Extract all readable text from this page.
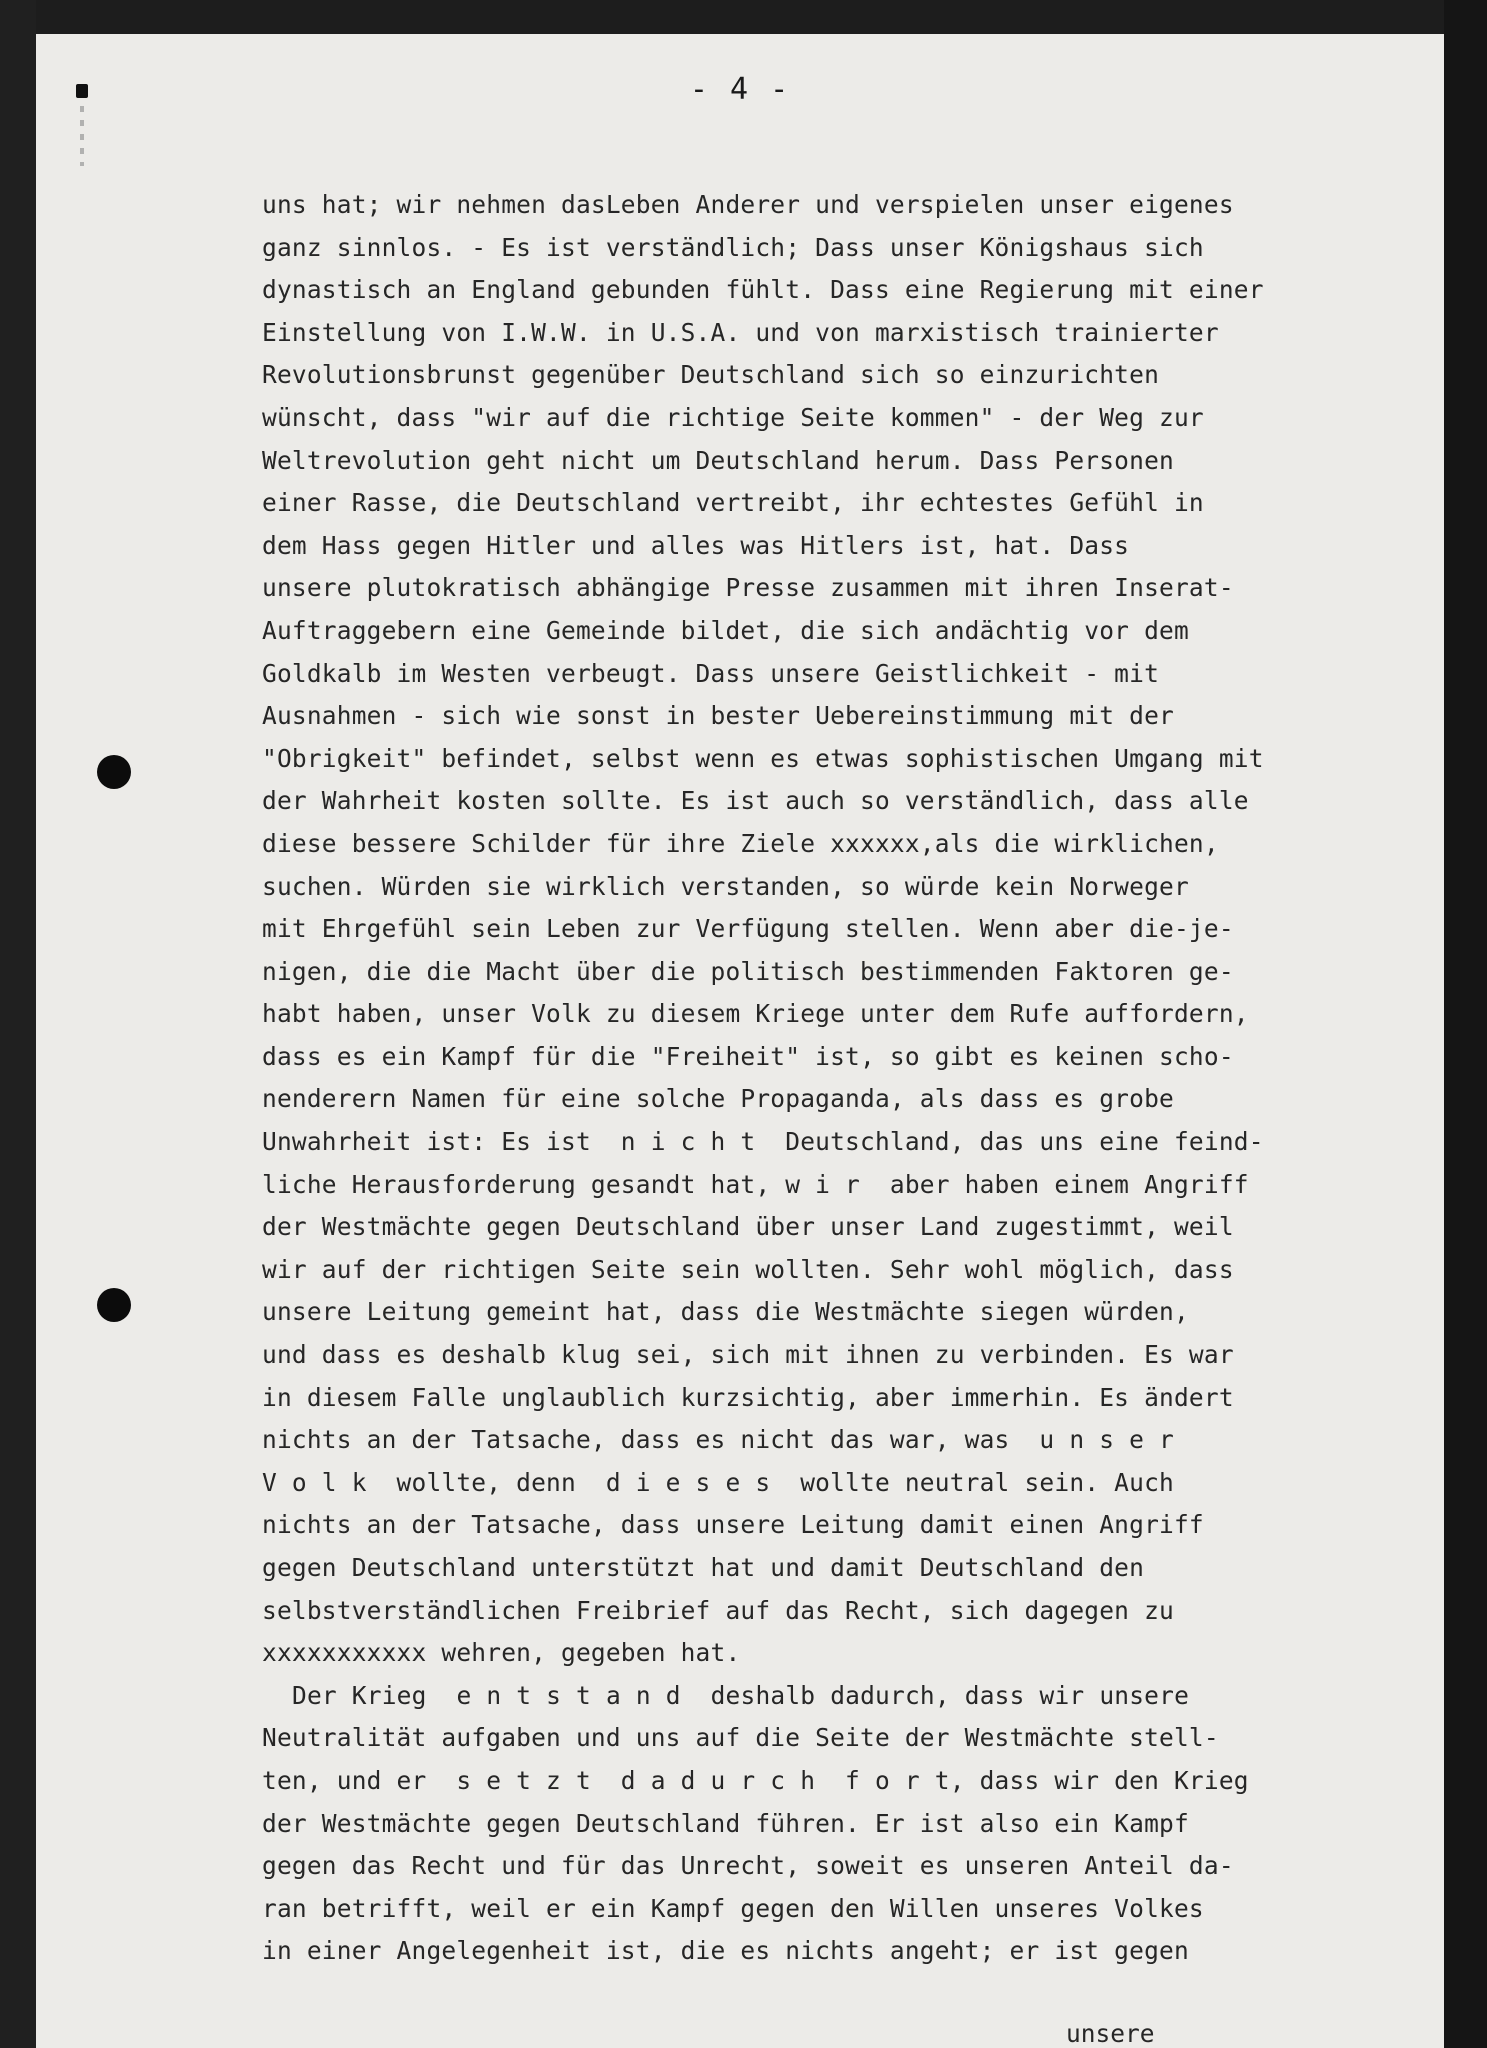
- 4 -
uns hat; wir nehmen dasLeben Anderer und verspielen unser eigenes
ganz sinnlos. - Es ist verständlich; Dass unser Königshaus sich
dynastisch an England gebunden fühlt. Dass eine Regierung mit einer
Einstellung von I.W.W. in U.S.A. und von marxistisch trainierter
Revolutionsbrunst gegenüber Deutschland sich so einzurichten
wünscht, dass "wir auf die richtige Seite kommen" - der Weg zur
Weltrevolution geht nicht um Deutschland herum. Dass Personen
einer Rasse, die Deutschland vertreibt, ihr echtestes Gefühl in
dem Hass gegen Hitler und alles was Hitlers ist, hat. Dass
unsere plutokratisch abhängige Presse zusammen mit ihren Inserat-
Auftraggebern eine Gemeinde bildet, die sich andächtig vor dem
Goldkalb im Westen verbeugt. Dass unsere Geistlichkeit - mit
Ausnahmen - sich wie sonst in bester Uebereinstimmung mit der
"Obrigkeit" befindet, selbst wenn es etwas sophistischen Umgang mit
der Wahrheit kosten sollte. Es ist auch so verständlich, dass alle
diese bessere Schilder für ihre Ziele xxxxxx,als die wirklichen,
suchen. Würden sie wirklich verstanden, so würde kein Norweger
mit Ehrgefühl sein Leben zur Verfügung stellen. Wenn aber die-je-
nigen, die die Macht über die politisch bestimmenden Faktoren ge-
habt haben, unser Volk zu diesem Kriege unter dem Rufe auffordern,
dass es ein Kampf für die "Freiheit" ist, so gibt es keinen scho-
nenderern Namen für eine solche Propaganda, als dass es grobe
Unwahrheit ist: Es ist  n i c h t  Deutschland, das uns eine feind-
liche Herausforderung gesandt hat, w i r  aber haben einem Angriff
der Westmächte gegen Deutschland über unser Land zugestimmt, weil
wir auf der richtigen Seite sein wollten. Sehr wohl möglich, dass
unsere Leitung gemeint hat, dass die Westmächte siegen würden,
und dass es deshalb klug sei, sich mit ihnen zu verbinden. Es war
in diesem Falle unglaublich kurzsichtig, aber immerhin. Es ändert
nichts an der Tatsache, dass es nicht das war, was  u n s e r
V o l k  wollte, denn  d i e s e s  wollte neutral sein. Auch
nichts an der Tatsache, dass unsere Leitung damit einen Angriff
gegen Deutschland unterstützt hat und damit Deutschland den
selbstverständlichen Freibrief auf das Recht, sich dagegen zu
xxxxxxxxxxx wehren, gegeben hat.
Der Krieg  e n t s t a n d  deshalb dadurch, dass wir unsere
Neutralität aufgaben und uns auf die Seite der Westmächte stell-
ten, und er  s e t z t  d a d u r c h  f o r t, dass wir den Krieg
der Westmächte gegen Deutschland führen. Er ist also ein Kampf
gegen das Recht und für das Unrecht, soweit es unseren Anteil da-
ran betrifft, weil er ein Kampf gegen den Willen unseres Volkes
in einer Angelegenheit ist, die es nichts angeht; er ist gegen
unsere
